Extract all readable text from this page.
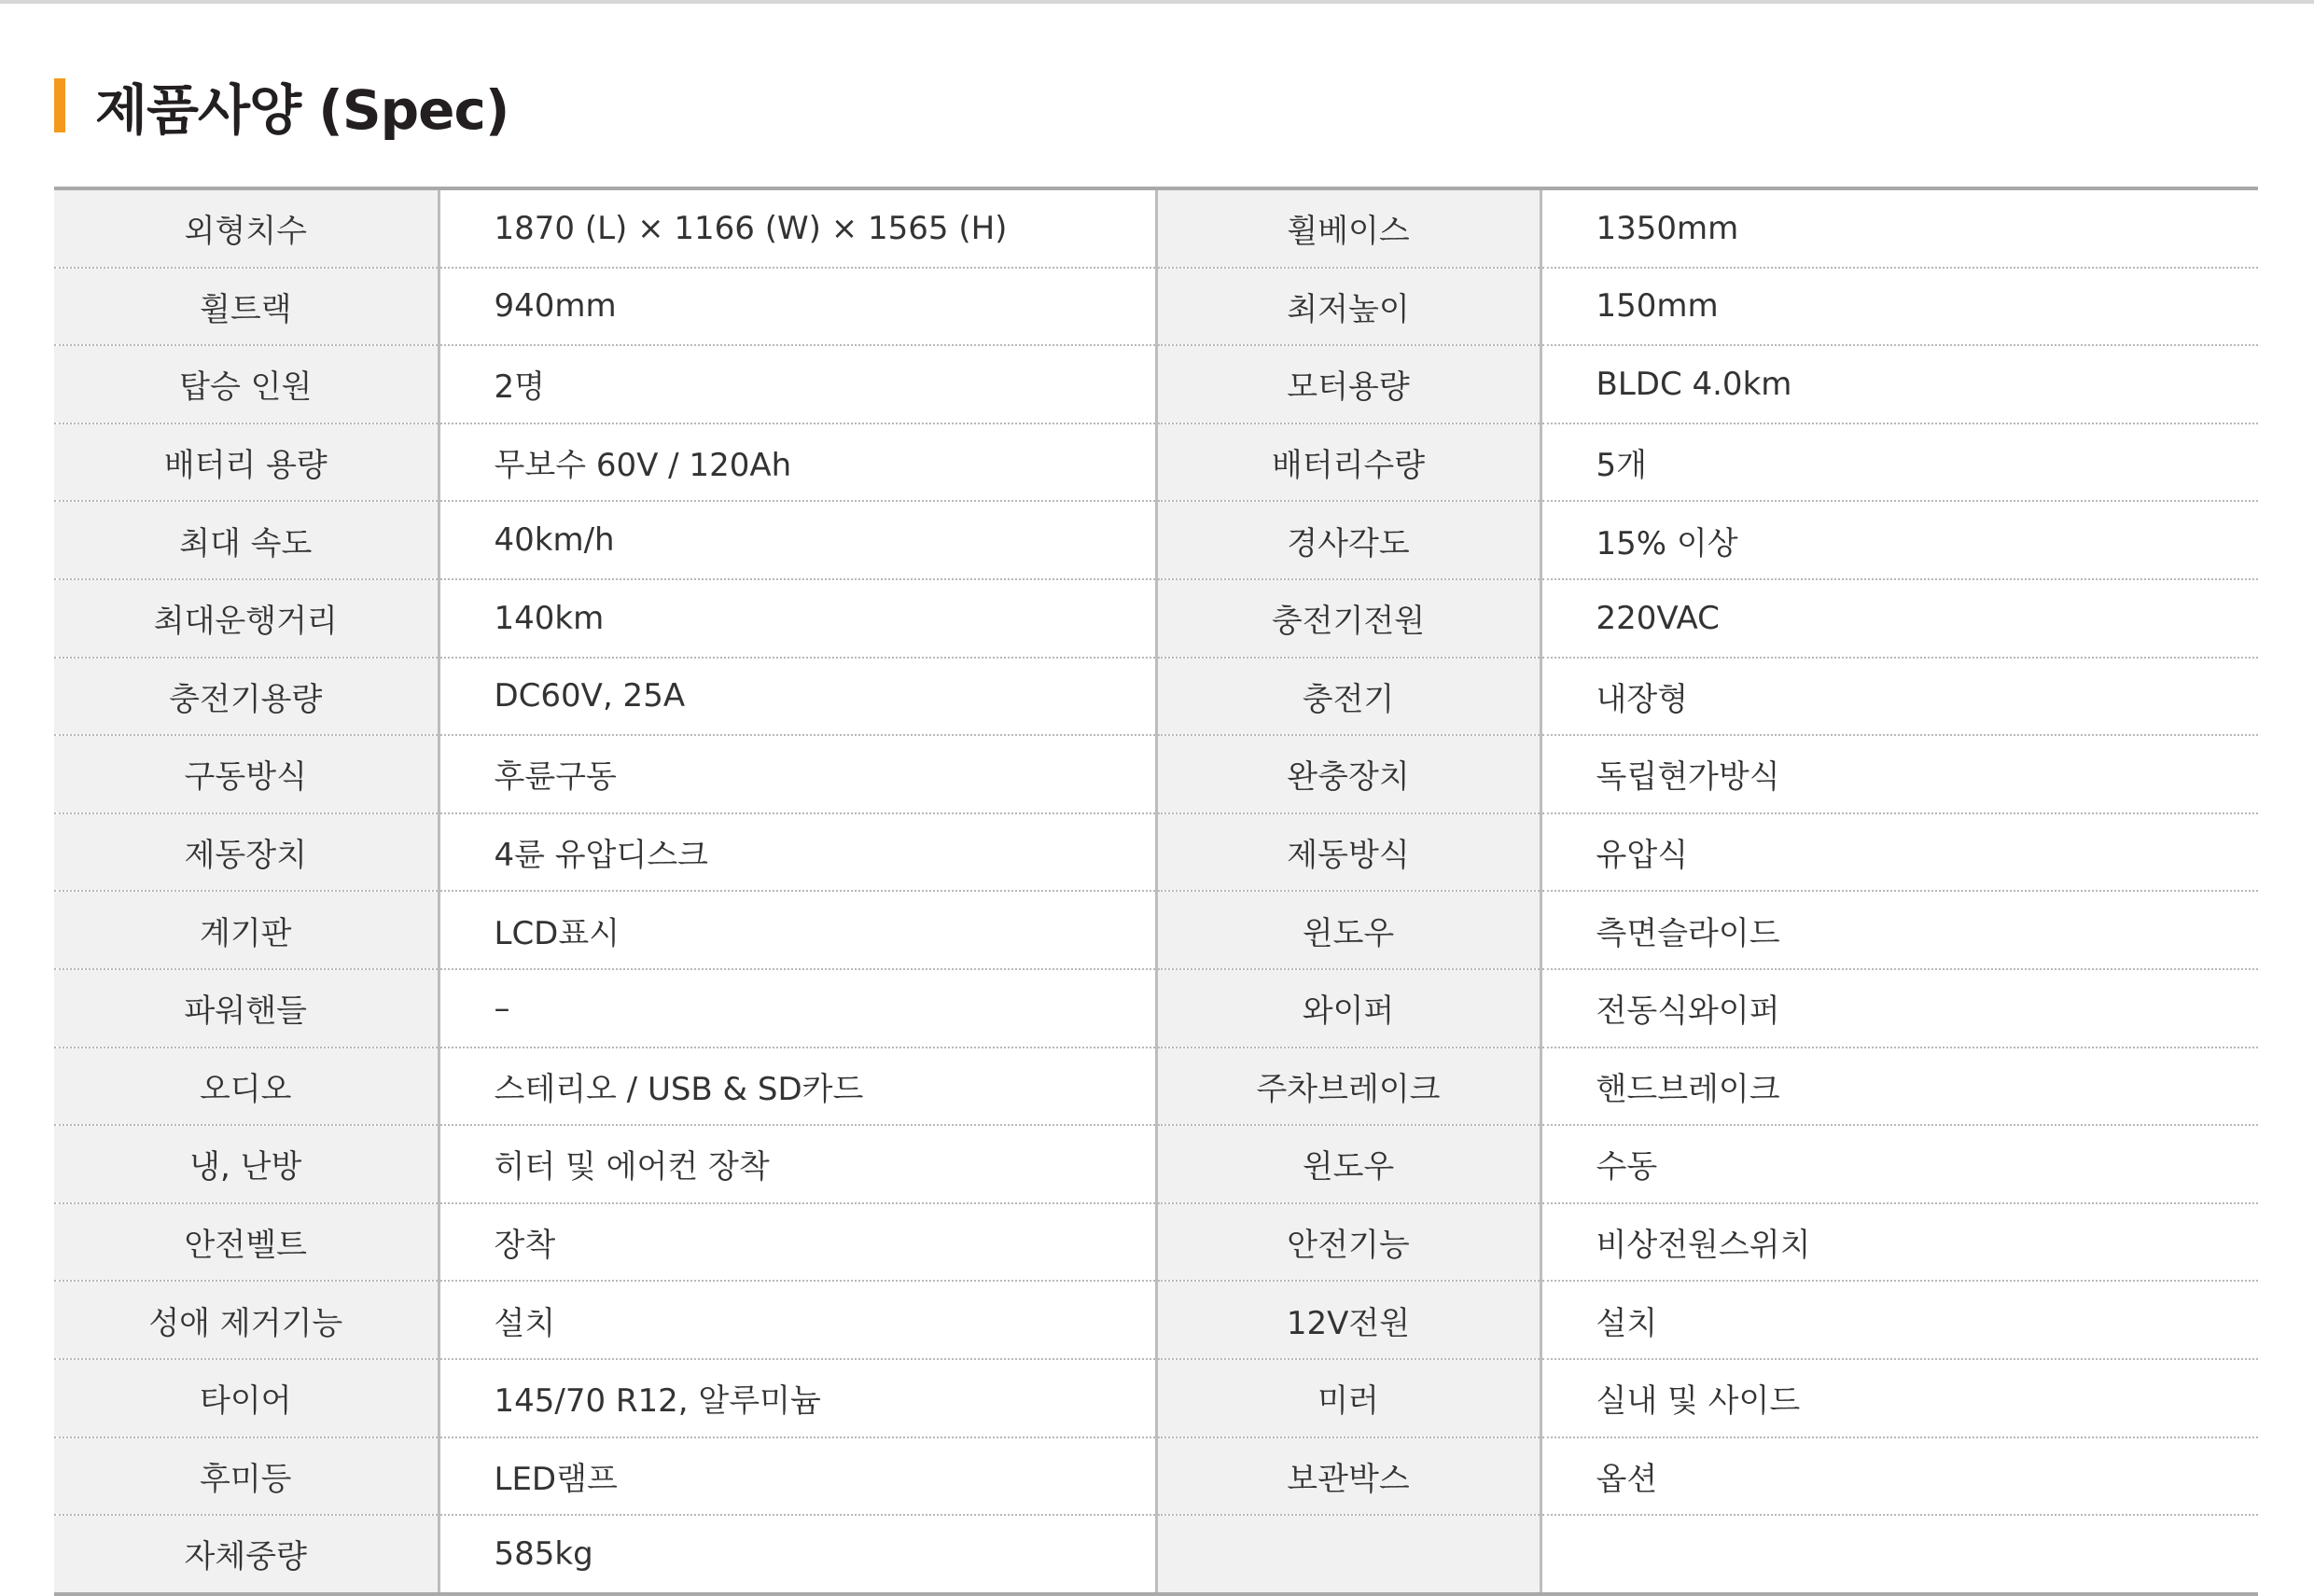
제품사양 (Spec)
외형치수	1870 (L) × 1166 (W) × 1565 (H)	휠베이스	1350mm
휠트랙	940mm	최저높이	150mm
탑승 인원	2명	모터용량	BLDC 4.0km
배터리 용량	무보수 60V / 120Ah	배터리수량	5개
최대 속도	40km/h	경사각도	15% 이상
최대운행거리	140km	충전기전원	220VAC
충전기용량	DC60V, 25A	충전기	내장형
구동방식	후륜구동	완충장치	독립현가방식
제동장치	4륜 유압디스크	제동방식	유압식
계기판	LCD표시	윈도우	측면슬라이드
파워핸들	–	와이퍼	전동식와이퍼
오디오	스테리오 / USB & SD카드	주차브레이크	핸드브레이크
냉, 난방	히터 및 에어컨 장착	윈도우	수동
안전벨트	장착	안전기능	비상전원스위치
성애 제거기능	설치	12V전원	설치
타이어	145/70 R12, 알루미늄	미러	실내 및 사이드
후미등	LED램프	보관박스	옵션
자체중량	585kg		
